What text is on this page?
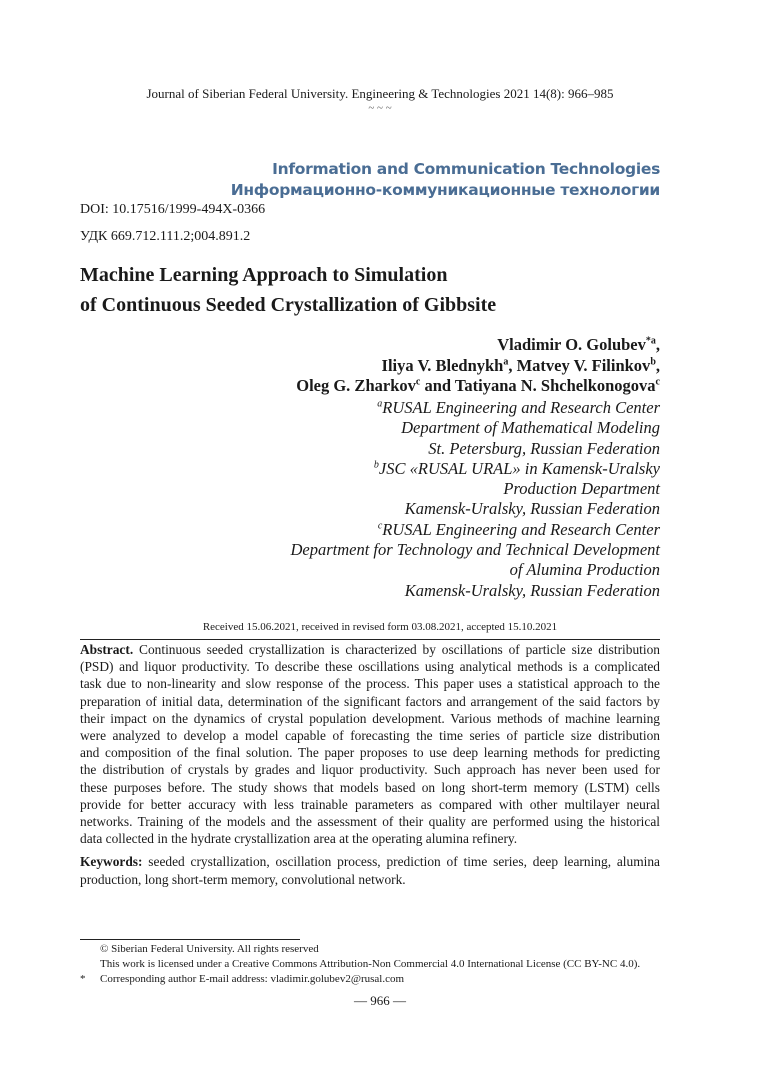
Journal of Siberian Federal University. Engineering & Technologies 2021 14(8): 966–985
~ ~ ~
Information and Communication Technologies
Информационно-коммуникационные технологии
DOI: 10.17516/1999-494X-0366
УДК 669.712.111.2;004.891.2
Machine Learning Approach to Simulation
of Continuous Seeded Crystallization of Gibbsite
Vladimir O. Golubev$^{*a}$,
Iliya V. Blednykh$^a$, Matvey V. Filinkov$^b$,
Oleg G. Zharkov$^c$ and Tatiyana N. Shchelkonogova$^c$
$^a$RUSAL Engineering and Research Center
Department of Mathematical Modeling
St. Petersburg, Russian Federation
$^b$JSC «RUSAL URAL» in Kamensk-Uralsky
Production Department
Kamensk-Uralsky, Russian Federation
$^c$RUSAL Engineering and Research Center
Department for Technology and Technical Development
of Alumina Production
Kamensk-Uralsky, Russian Federation
Received 15.06.2021, received in revised form 03.08.2021, accepted 15.10.2021
Abstract. Continuous seeded crystallization is characterized by oscillations of particle size distribution
(PSD) and liquor productivity. To describe these oscillations using analytical methods is a complicated
task due to non-linearity and slow response of the process. This paper uses a statistical approach to the
preparation of initial data, determination of the significant factors and arrangement of the said factors by
their impact on the dynamics of crystal population development. Various methods of machine learning
were analyzed to develop a model capable of forecasting the time series of particle size distribution
and composition of the final solution. The paper proposes to use deep learning methods for predicting
the distribution of crystals by grades and liquor productivity. Such approach has never been used for
these purposes before. The study shows that models based on long short-term memory (LSTM) cells
provide for better accuracy with less trainable parameters as compared with other multilayer neural
networks. Training of the models and the assessment of their quality are performed using the historical
data collected in the hydrate crystallization area at the operating alumina refinery.
Keywords: seeded crystallization, oscillation process, prediction of time series, deep learning, alumina
production, long short-term memory, convolutional network.
© Siberian Federal University. All rights reserved
This work is licensed under a Creative Commons Attribution-Non Commercial 4.0 International License (CC BY-NC 4.0).
* Corresponding author E-mail address: vladimir.golubev2@rusal.com
— 966 —
